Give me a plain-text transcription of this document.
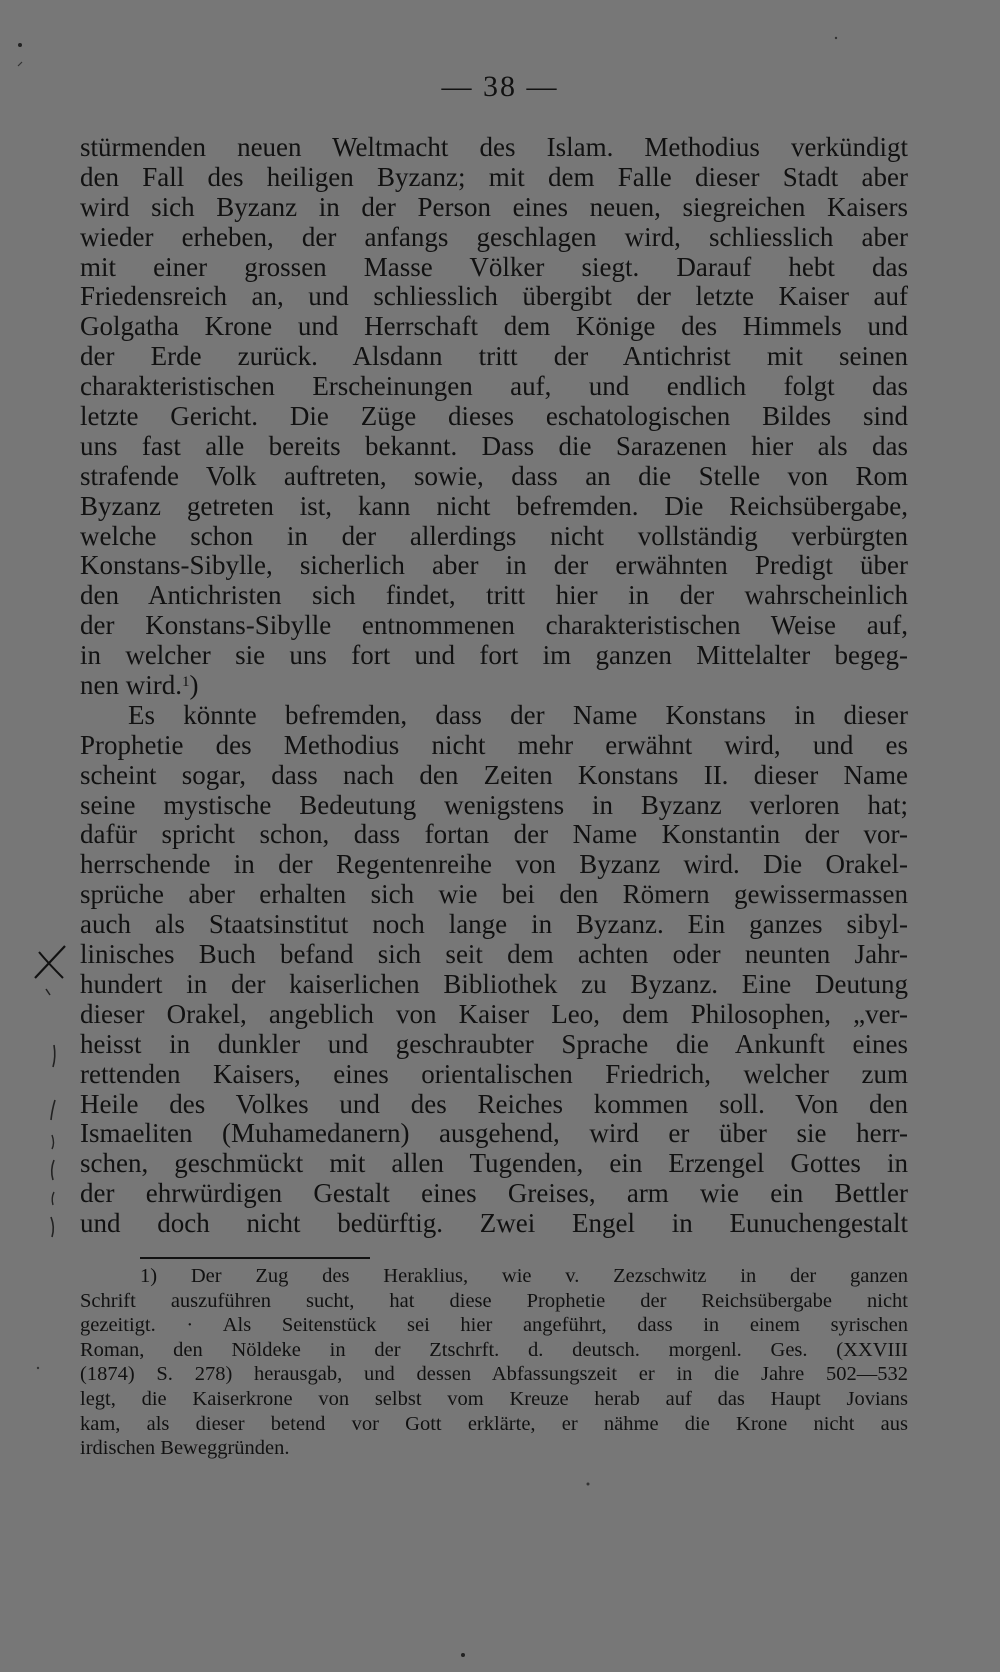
— 38 —
stürmenden neuen Weltmacht des Islam. Methodius verkündigt
den Fall des heiligen Byzanz; mit dem Falle dieser Stadt aber
wird sich Byzanz in der Person eines neuen, siegreichen Kaisers
wieder erheben, der anfangs geschlagen wird, schliesslich aber
mit einer grossen Masse Völker siegt. Darauf hebt das
Friedensreich an, und schliesslich übergibt der letzte Kaiser auf
Golgatha Krone und Herrschaft dem Könige des Himmels und
der Erde zurück. Alsdann tritt der Antichrist mit seinen
charakteristischen Erscheinungen auf, und endlich folgt das
letzte Gericht. Die Züge dieses eschatologischen Bildes sind
uns fast alle bereits bekannt. Dass die Sarazenen hier als das
strafende Volk auftreten, sowie, dass an die Stelle von Rom
Byzanz getreten ist, kann nicht befremden. Die Reichsübergabe,
welche schon in der allerdings nicht vollständig verbürgten
Konstans-Sibylle, sicherlich aber in der erwähnten Predigt über
den Antichristen sich findet, tritt hier in der wahrscheinlich
der Konstans-Sibylle entnommenen charakteristischen Weise auf,
in welcher sie uns fort und fort im ganzen Mittelalter begeg-
nen wird.$^1$)
Es könnte befremden, dass der Name Konstans in dieser
Prophetie des Methodius nicht mehr erwähnt wird, und es
scheint sogar, dass nach den Zeiten Konstans II. dieser Name
seine mystische Bedeutung wenigstens in Byzanz verloren hat;
dafür spricht schon, dass fortan der Name Konstantin der vor-
herrschende in der Regentenreihe von Byzanz wird. Die Orakel-
sprüche aber erhalten sich wie bei den Römern gewissermassen
auch als Staatsinstitut noch lange in Byzanz. Ein ganzes sibyl-
linisches Buch befand sich seit dem achten oder neunten Jahr-
hundert in der kaiserlichen Bibliothek zu Byzanz. Eine Deutung
dieser Orakel, angeblich von Kaiser Leo, dem Philosophen, „ver-
heisst in dunkler und geschraubter Sprache die Ankunft eines
rettenden Kaisers, eines orientalischen Friedrich, welcher zum
Heile des Volkes und des Reiches kommen soll. Von den
Ismaeliten (Muhamedanern) ausgehend, wird er über sie herr-
schen, geschmückt mit allen Tugenden, ein Erzengel Gottes in
der ehrwürdigen Gestalt eines Greises, arm wie ein Bettler
und doch nicht bedürftig. Zwei Engel in Eunuchengestalt
1) Der Zug des Heraklius, wie v. Zezschwitz in der ganzen
Schrift auszuführen sucht, hat diese Prophetie der Reichsübergabe nicht
gezeitigt. · Als Seitenstück sei hier angeführt, dass in einem syrischen
Roman, den Nöldeke in der Ztschrft. d. deutsch. morgenl. Ges. (XXVIII
(1874) S. 278) herausgab, und dessen Abfassungszeit er in die Jahre 502—532
legt, die Kaiserkrone von selbst vom Kreuze herab auf das Haupt Jovians
kam, als dieser betend vor Gott erklärte, er nähme die Krone nicht aus
irdischen Beweggründen.
